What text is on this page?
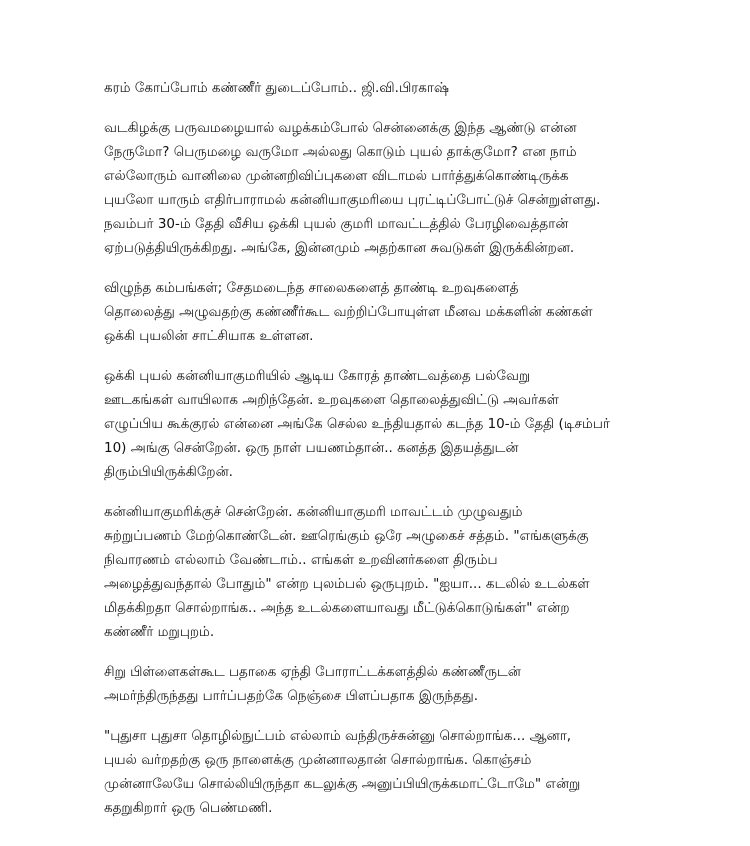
கரம் கோப்போம் கண்ணீர் துடைப்போம்.. ஜி.வி.பிரகாஷ்
வடகிழக்கு பருவமழையால் வழக்கம்போல் சென்னைக்கு இந்த ஆண்டு என்ன
நேருமோ? பெருமழை வருமோ அல்லது கொடும் புயல் தாக்குமோ? என நாம்
எல்லோரும் வானிலை முன்னறிவிப்புகளை விடாமல் பார்த்துக்கொண்டிருக்க
புயலோ யாரும் எதிர்பாராமல் கன்னியாகுமரியை புரட்டிப்போட்டுச் சென்றுள்ளது.
நவம்பர் 30-ம் தேதி வீசிய ஒக்கி புயல் குமரி மாவட்டத்தில் பேரழிவைத்தான்
ஏற்படுத்தியிருக்கிறது. அங்கே, இன்னமும் அதற்கான சுவடுகள் இருக்கின்றன.
விழுந்த கம்பங்கள்; சேதமடைந்த சாலைகளைத் தாண்டி உறவுகளைத்
தொலைத்து அழுவதற்கு கண்ணீர்கூட வற்றிப்போயுள்ள மீனவ மக்களின் கண்கள்
ஒக்கி புயலின் சாட்சியாக உள்ளன.
ஒக்கி புயல் கன்னியாகுமரியில் ஆடிய கோரத் தாண்டவத்தை பல்வேறு
ஊடகங்கள் வாயிலாக அறிந்தேன். உறவுகளை தொலைத்துவிட்டு அவர்கள்
எழுப்பிய கூக்குரல் என்னை அங்கே செல்ல உந்தியதால் கடந்த 10-ம் தேதி (டிசம்பர்
10) அங்கு சென்றேன். ஒரு நாள் பயணம்தான்.. கனத்த இதயத்துடன்
திரும்பியிருக்கிறேன்.
கன்னியாகுமரிக்குச் சென்றேன். கன்னியாகுமரி மாவட்டம் முழுவதும்
சுற்றுப்பணம் மேற்கொண்டேன். ஊரெங்கும் ஒரே அழுகைச் சத்தம். "எங்களுக்கு
நிவாரணம் எல்லாம் வேண்டாம்.. எங்கள் உறவினர்களை திரும்ப
அழைத்துவந்தால் போதும்" என்ற புலம்பல் ஒருபுறம். "ஐயா... கடலில் உடல்கள்
மிதக்கிறதா சொல்றாங்க.. அந்த உடல்களையாவது மீட்டுக்கொடுங்கள்" என்ற
கண்ணீர் மறுபுறம்.
சிறு பிள்ளைகள்கூட பதாகை ஏந்தி போராட்டக்களத்தில் கண்ணீருடன்
அமர்ந்திருந்தது பார்ப்பதற்கே நெஞ்சை பிளப்பதாக இருந்தது.
"புதுசா புதுசா தொழில்நுட்பம் எல்லாம் வந்திருச்சுன்னு சொல்றாங்க... ஆனா,
புயல் வர்றதற்கு ஒரு நாளைக்கு முன்னாலதான் சொல்றாங்க. கொஞ்சம்
முன்னாலேயே சொல்லியிருந்தா கடலுக்கு அனுப்பியிருக்கமாட்டோமே" என்று
கதறுகிறார் ஒரு பெண்மணி.
